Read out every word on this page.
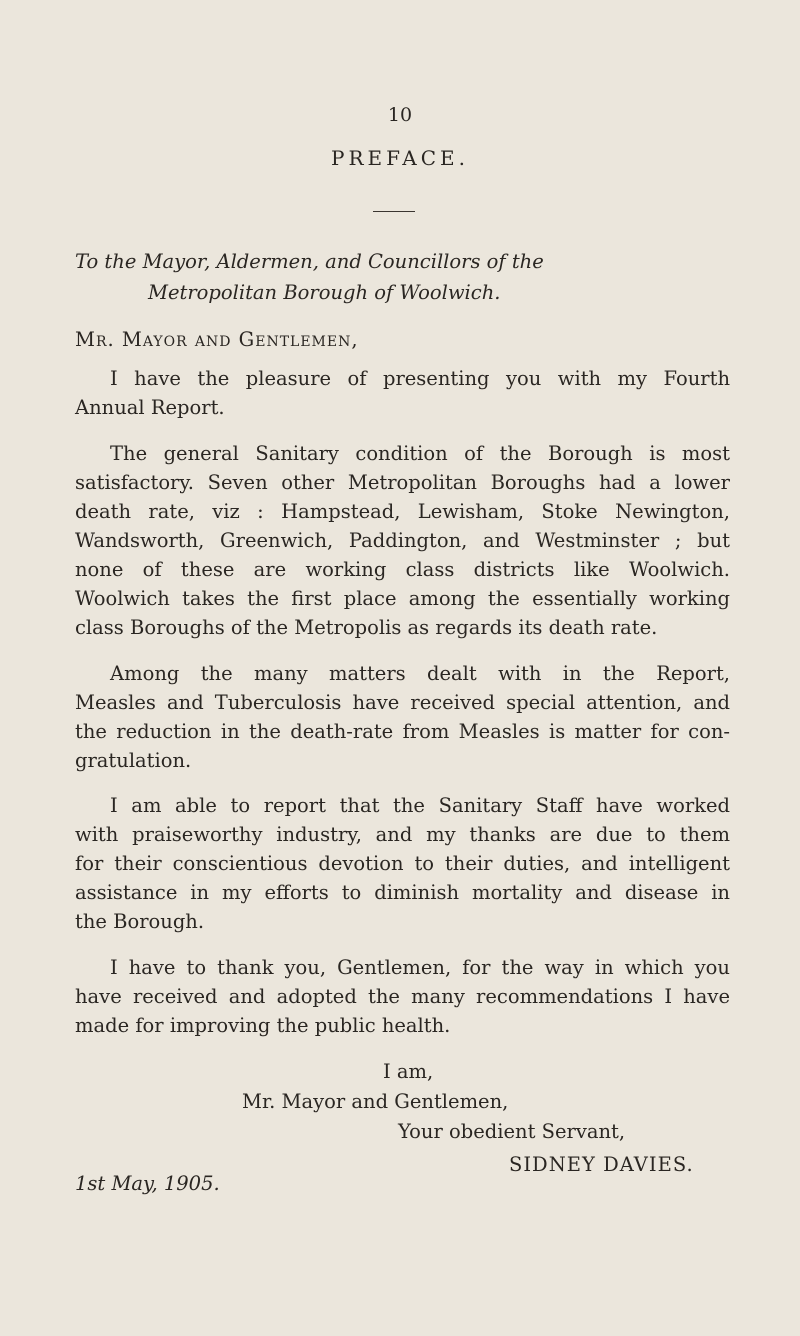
10
PREFACE.
To the Mayor, Aldermen, and Councillors of the
Metropolitan Borough of Woolwich.
Mr. Mayor and Gentlemen,
I have the pleasure of presenting you with my Fourth
Annual Report.
The general Sanitary condition of the Borough is most
satisfactory. Seven other Metropolitan Boroughs had a lower
death rate, viz : Hampstead, Lewisham, Stoke Newington,
Wandsworth, Greenwich, Paddington, and Westminster ; but
none of these are working class districts like Woolwich.
Woolwich takes the first place among the essentially working
class Boroughs of the Metropolis as regards its death rate.
Among the many matters dealt with in the Report,
Measles and Tuberculosis have received special attention, and
the reduction in the death-rate from Measles is matter for con-
gratulation.
I am able to report that the Sanitary Staff have worked
with praiseworthy industry, and my thanks are due to them
for their conscientious devotion to their duties, and intelligent
assistance in my efforts to diminish mortality and disease in
the Borough.
I have to thank you, Gentlemen, for the way in which you
have received and adopted the many recommendations I have
made for improving the public health.
I am,
Mr. Mayor and Gentlemen,
Your obedient Servant,
SIDNEY DAVIES.
1st May, 1905.
